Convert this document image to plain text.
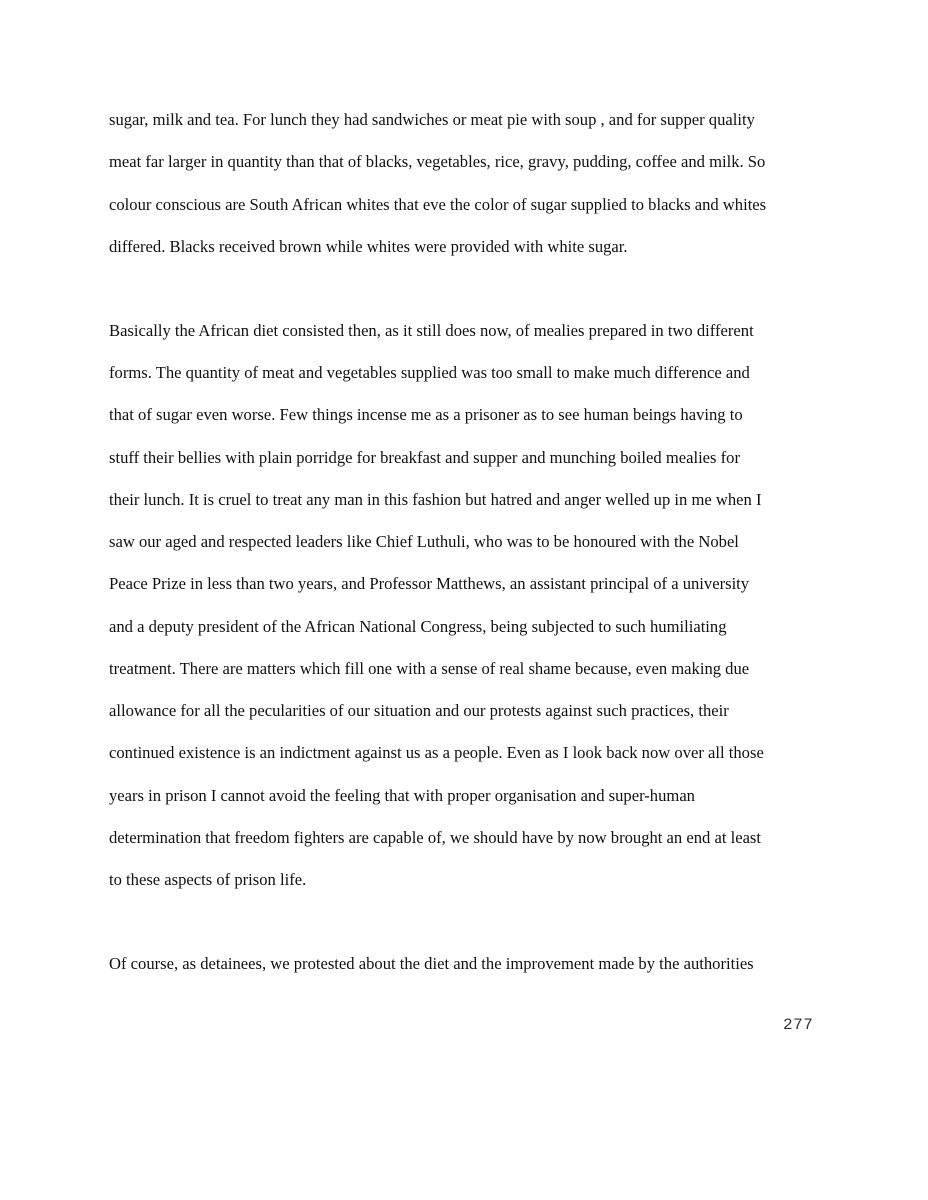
sugar, milk and tea. For lunch they had sandwiches or meat pie with soup , and for supper quality

meat far larger in quantity than that of blacks, vegetables, rice, gravy, pudding, coffee and milk. So

colour conscious are South African whites that eve the color of sugar supplied to blacks and whites

differed. Blacks received brown while whites were provided with white sugar.

Basically the African diet consisted then, as it still does now, of mealies prepared in two different

forms. The quantity of meat and vegetables supplied was too small to make much difference and

that of sugar even worse. Few things incense me as a prisoner as to see human beings having to

stuff their bellies with plain porridge for breakfast and supper and munching boiled mealies for

their lunch. It is cruel to treat any man in this fashion but hatred and anger welled up in me when I

saw our aged and respected leaders like Chief Luthuli, who was to be honoured with the Nobel

Peace Prize in less than two years, and Professor Matthews, an assistant principal of a university

and a deputy president of the African National Congress, being subjected to such humiliating

treatment. There are matters which fill one with a sense of real shame because, even making due

allowance for all the pecularities of our situation and our protests against such practices, their

continued existence is an indictment against us as a people. Even as I look back now over all those

years in prison I cannot avoid the feeling that with proper organisation and super-human

determination that freedom fighters are capable of, we should have by now brought an end at least

to these aspects of prison life.

Of course, as detainees, we protested about the diet and the improvement made by the authorities

277
